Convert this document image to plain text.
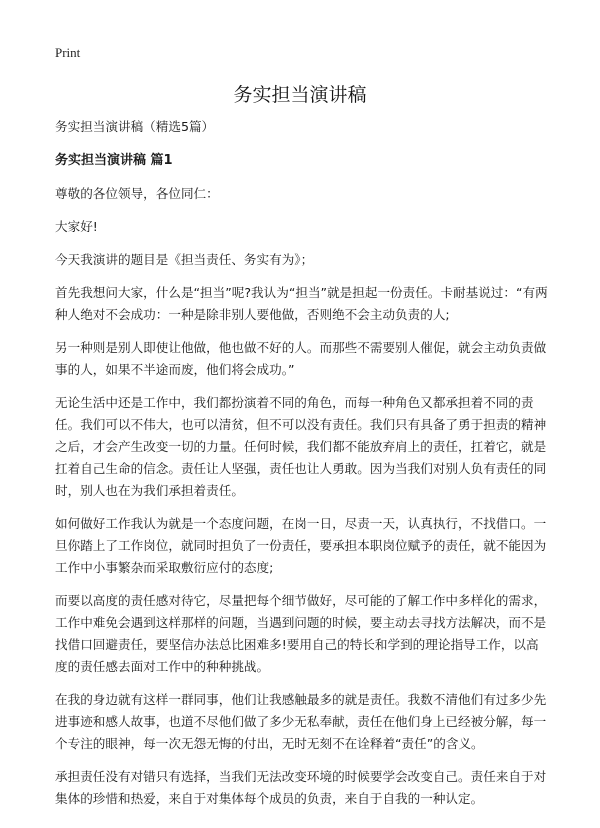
Print
务实担当演讲稿

务实担当演讲稿（精选5篇）

务实担当演讲稿 篇1

尊敬的各位领导，各位同仁：

大家好!

今天我演讲的题目是《担当责任、务实有为》；

首先我想问大家，什么是“担当”呢?我认为“担当”就是担起一份责任。卡耐基说过：“有两种人绝对不会成功：一种是除非别人要他做，否则绝不会主动负责的人;

另一种则是别人即使让他做，他也做不好的人。而那些不需要别人催促，就会主动负责做事的人，如果不半途而废，他们将会成功。”

无论生活中还是工作中，我们都扮演着不同的角色，而每一种角色又都承担着不同的责任。我们可以不伟大，也可以清贫，但不可以没有责任。我们只有具备了勇于担责的精神之后，才会产生改变一切的力量。任何时候，我们都不能放弃肩上的责任，扛着它，就是扛着自己生命的信念。责任让人坚强，责任也让人勇敢。因为当我们对别人负有责任的同时，别人也在为我们承担着责任。

如何做好工作我认为就是一个态度问题，在岗一日，尽责一天，认真执行，不找借口。一旦你踏上了工作岗位，就同时担负了一份责任，要承担本职岗位赋予的责任，就不能因为工作中小事繁杂而采取敷衍应付的态度;

而要以高度的责任感对待它，尽量把每个细节做好，尽可能的了解工作中多样化的需求，工作中难免会遇到这样那样的问题，当遇到问题的时候，要主动去寻找方法解决，而不是找借口回避责任，要坚信办法总比困难多!要用自己的特长和学到的理论指导工作，以高度的责任感去面对工作中的种种挑战。

在我的身边就有这样一群同事，他们让我感触最多的就是责任。我数不清他们有过多少先进事迹和感人故事，也道不尽他们做了多少无私奉献，责任在他们身上已经被分解，每一个专注的眼神，每一次无怨无悔的付出，无时无刻不在诠释着“责任”的含义。

承担责任没有对错只有选择，当我们无法改变环境的时候要学会改变自己。责任来自于对集体的珍惜和热爱，来自于对集体每个成员的负责，来自于自我的一种认定。
